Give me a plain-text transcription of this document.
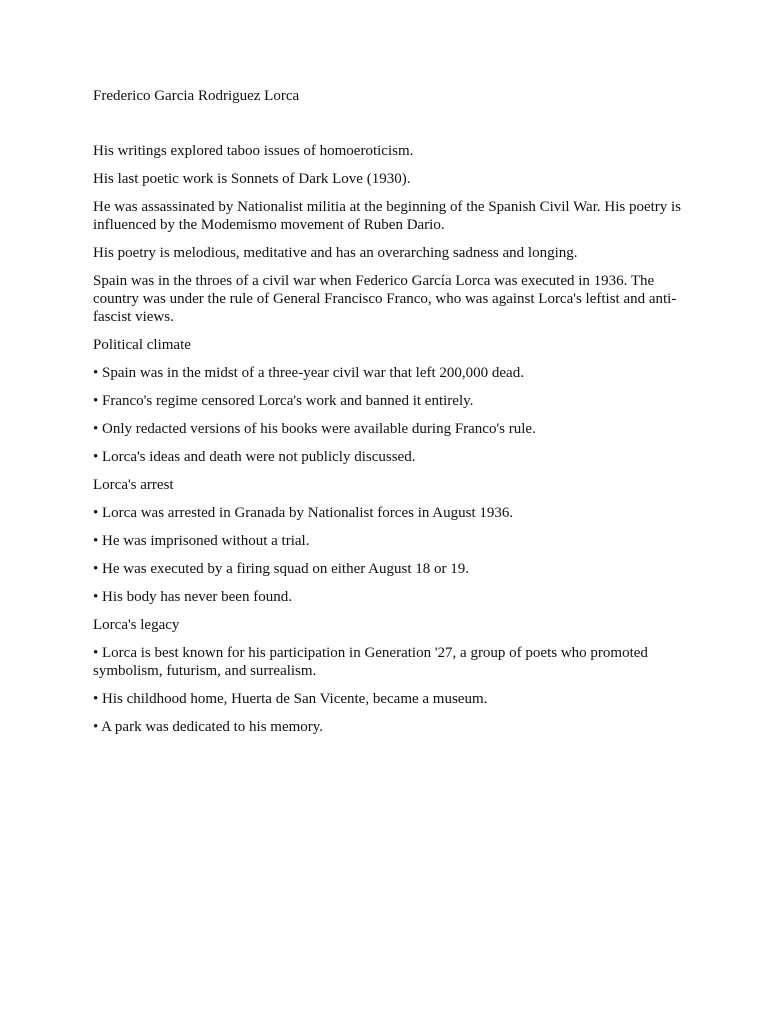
Frederico Garcia Rodriguez Lorca

His writings explored taboo issues of homoeroticism.

His last poetic work is Sonnets of Dark Love (1930).

He was assassinated by Nationalist militia at the beginning of the Spanish Civil War. His poetry is influenced by the Modemismo movement of Ruben Dario.

His poetry is melodious, meditative and has an overarching sadness and longing.

Spain was in the throes of a civil war when Federico García Lorca was executed in 1936. The country was under the rule of General Francisco Franco, who was against Lorca's leftist and anti-fascist views.

Political climate

• Spain was in the midst of a three-year civil war that left 200,000 dead.

• Franco's regime censored Lorca's work and banned it entirely.

• Only redacted versions of his books were available during Franco's rule.

• Lorca's ideas and death were not publicly discussed.

Lorca's arrest

• Lorca was arrested in Granada by Nationalist forces in August 1936.

• He was imprisoned without a trial.

• He was executed by a firing squad on either August 18 or 19.

• His body has never been found.

Lorca's legacy

• Lorca is best known for his participation in Generation '27, a group of poets who promoted symbolism, futurism, and surrealism.

• His childhood home, Huerta de San Vicente, became a museum.

• A park was dedicated to his memory.
